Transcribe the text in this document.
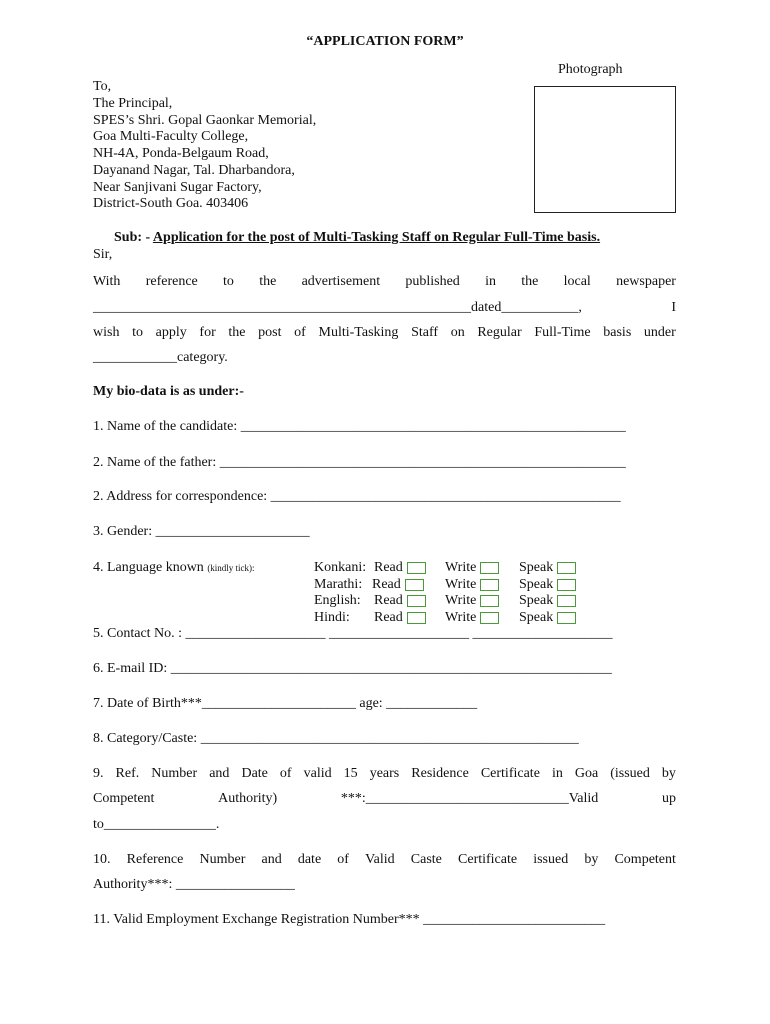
“APPLICATION FORM”
Photograph
To,
The Principal,
SPES’s Shri. Gopal Gaonkar Memorial,
Goa Multi-Faculty College,
NH-4A, Ponda-Belgaum Road,
Dayanand Nagar, Tal. Dharbandora,
Near Sanjivani Sugar Factory,
District-South Goa. 403406
Sub: - Application for the post of Multi-Tasking Staff on Regular Full-Time basis.
Sir,
With reference to the advertisement published in the local newspaper
______________________________________________________dated___________,	I
wish to apply for the post of Multi-Tasking Staff on Regular Full-Time basis under
____________category.
My bio-data is as under:-
1. Name of the candidate: _______________________________________________________
2. Name of the father: __________________________________________________________
2. Address for correspondence: __________________________________________________
3. Gender: ______________________
4. Language known (kindly tick):	Konkani: Read	Write	Speak
Marathi: Read	Write	Speak
English: Read	Write	Speak
Hindi: Read	Write	Speak
5. Contact No. : ____________________ ____________________ ____________________
6. E-mail ID: _______________________________________________________________
7. Date of Birth***______________________ age: _____________
8. Category/Caste: ______________________________________________________
9. Ref. Number and Date of valid 15 years Residence Certificate in Goa (issued by
Competent	Authority)	***:_____________________________Valid	up
to________________.
10. Reference Number and date of Valid Caste Certificate issued by Competent
Authority***: _________________
11. Valid Employment Exchange Registration Number*** __________________________
